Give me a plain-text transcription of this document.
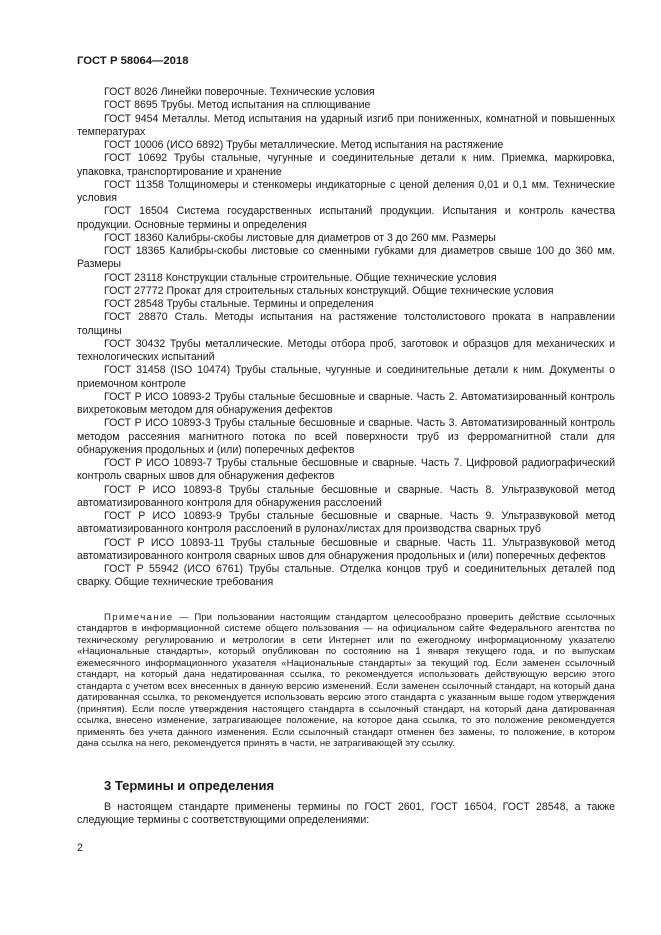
ГОСТ Р 58064—2018

ГОСТ 8026 Линейки поверочные. Технические условия

ГОСТ 8695 Трубы. Метод испытания на сплющивание

ГОСТ 9454 Металлы. Метод испытания на ударный изгиб при пониженных, комнатной и повышенных температурах

ГОСТ 10006 (ИСО 6892) Трубы металлические. Метод испытания на растяжение

ГОСТ 10692 Трубы стальные, чугунные и соединительные детали к ним. Приемка, маркировка, упаковка, транспортирование и хранение

ГОСТ 11358 Толщиномеры и стенкомеры индикаторные с ценой деления 0,01 и 0,1 мм. Технические условия

ГОСТ 16504 Система государственных испытаний продукции. Испытания и контроль качества продукции. Основные термины и определения

ГОСТ 18360 Калибры-скобы листовые для диаметров от 3 до 260 мм. Размеры

ГОСТ 18365 Калибры-скобы листовые со сменными губками для диаметров свыше 100 до 360 мм. Размеры

ГОСТ 23118 Конструкции стальные строительные. Общие технические условия

ГОСТ 27772 Прокат для строительных стальных конструкций. Общие технические условия

ГОСТ 28548 Трубы стальные. Термины и определения

ГОСТ 28870 Сталь. Методы испытания на растяжение толстолистового проката в направлении толщины

ГОСТ 30432 Трубы металлические. Методы отбора проб, заготовок и образцов для механических и технологических испытаний

ГОСТ 31458 (ISO 10474) Трубы стальные, чугунные и соединительные детали к ним. Документы о приемочном контроле

ГОСТ Р ИСО 10893-2 Трубы стальные бесшовные и сварные. Часть 2. Автоматизированный контроль вихретоковым методом для обнаружения дефектов

ГОСТ Р ИСО 10893-3 Трубы стальные бесшовные и сварные. Часть 3. Автоматизированный контроль методом рассеяния магнитного потока по всей поверхности труб из ферромагнитной стали для обнаружения продольных и (или) поперечных дефектов

ГОСТ Р ИСО 10893-7 Трубы стальные бесшовные и сварные. Часть 7. Цифровой радиографический контроль сварных швов для обнаружения дефектов

ГОСТ Р ИСО 10893-8 Трубы стальные бесшовные и сварные. Часть 8. Ультразвуковой метод автоматизированного контроля для обнаружения расслоений

ГОСТ Р ИСО 10893-9 Трубы стальные бесшовные и сварные. Часть 9. Ультразвуковой метод автоматизированного контроля расслоений в рулонах/листах для производства сварных труб

ГОСТ Р ИСО 10893-11 Трубы стальные бесшовные и сварные. Часть 11. Ультразвуковой метод автоматизированного контроля сварных швов для обнаружения продольных и (или) поперечных дефектов

ГОСТ Р 55942 (ИСО 6761) Трубы стальные. Отделка концов труб и соединительных деталей под сварку. Общие технические требования

Примечание — При пользовании настоящим стандартом целесообразно проверить действие ссылочных стандартов в информационной системе общего пользования — на официальном сайте Федерального агентства по техническому регулированию и метрологии в сети Интернет или по ежегодному информационному указателю «Национальные стандарты», который опубликован по состоянию на 1 января текущего года, и по выпускам ежемесячного информационного указателя «Национальные стандарты» за текущий год. Если заменен ссылочный стандарт, на который дана недатированная ссылка, то рекомендуется использовать действующую версию этого стандарта с учетом всех внесенных в данную версию изменений. Если заменен ссылочный стандарт, на который дана датированная ссылка, то рекомендуется использовать версию этого стандарта с указанным выше годом утверждения (принятия). Если после утверждения настоящего стандарта в ссылочный стандарт, на который дана датированная ссылка, внесено изменение, затрагивающее положение, на которое дана ссылка, то это положение рекомендуется применять без учета данного изменения. Если ссылочный стандарт отменен без замены, то положение, в котором дана ссылка на него, рекомендуется принять в части, не затрагивающей эту ссылку.

3 Термины и определения

В настоящем стандарте применены термины по ГОСТ 2601, ГОСТ 16504, ГОСТ 28548, а также следующие термины с соответствующими определениями:

2
